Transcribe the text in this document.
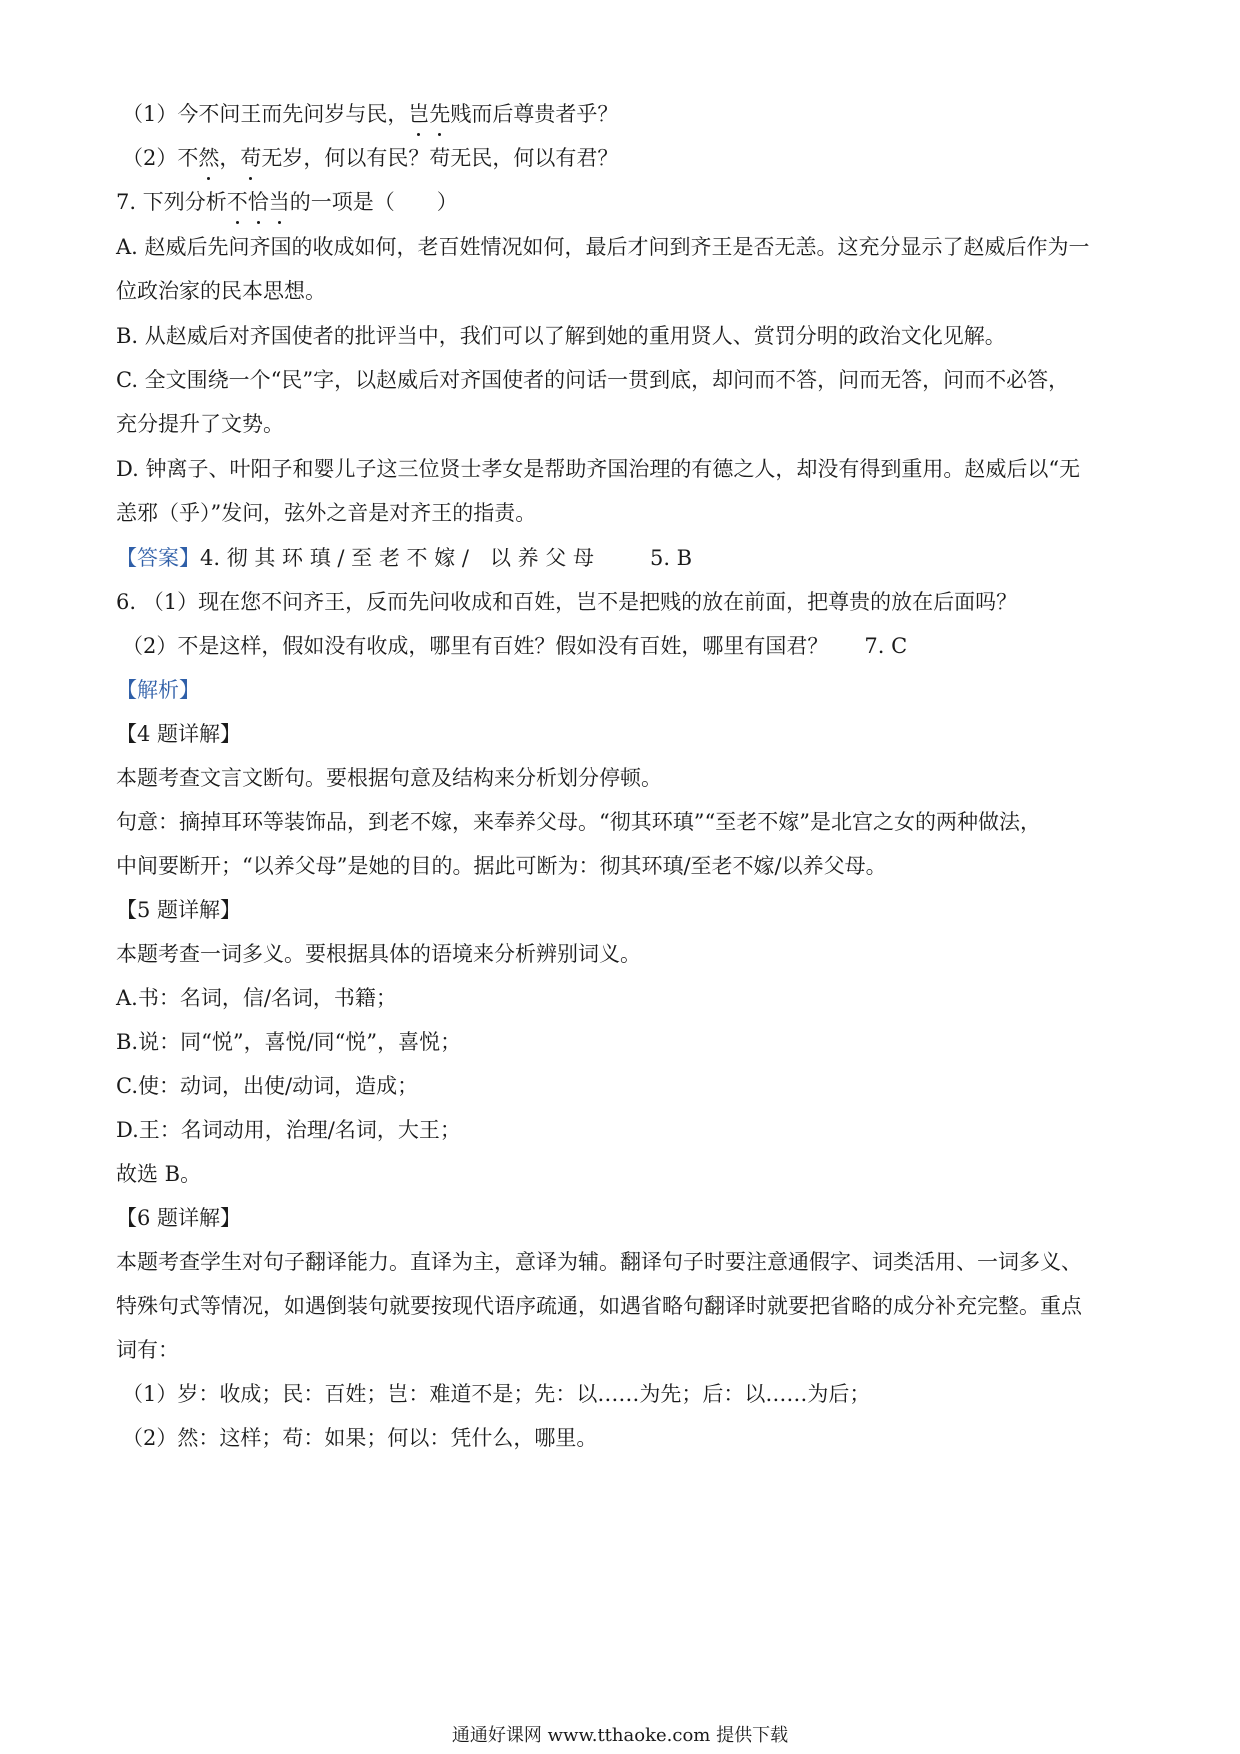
（1）今不问王而先问岁与民，岂先贱而后尊贵者乎？
（2）不然，苟无岁，何以有民？苟无民，何以有君？
7. 下列分析不恰当的一项是（　　）
A. 赵威后先问齐国的收成如何，老百姓情况如何，最后才问到齐王是否无恙。这充分显示了赵威后作为一
位政治家的民本思想。
B. 从赵威后对齐国使者的批评当中，我们可以了解到她的重用贤人、赏罚分明的政治文化见解。
C. 全文围绕一个“民”字，以赵威后对齐国使者的问话一贯到底，却问而不答，问而无答，问而不必答，
充分提升了文势。
D. 钟离子、叶阳子和婴儿子这三位贤士孝女是帮助齐国治理的有德之人，却没有得到重用。赵威后以“无
恙邪（乎）”发问，弦外之音是对齐王的指责。
【答案】4. 彻 其 环 瑱 / 至 老 不 嫁 /　以 养 父 母	5. B
6. （1）现在您不问齐王，反而先问收成和百姓，岂不是把贱的放在前面，把尊贵的放在后面吗？
（2）不是这样，假如没有收成，哪里有百姓？假如没有百姓，哪里有国君？ 7. C
【解析】
【4 题详解】
本题考查文言文断句。要根据句意及结构来分析划分停顿。
句意：摘掉耳环等装饰品，到老不嫁，来奉养父母。“彻其环瑱”“至老不嫁”是北宫之女的两种做法，
中间要断开；“以养父母”是她的目的。据此可断为：彻其环瑱/至老不嫁/以养父母。
【5 题详解】
本题考查一词多义。要根据具体的语境来分析辨别词义。
A.书：名词，信/名词，书籍；
B.说：同“悦”，喜悦/同“悦”，喜悦；
C.使：动词，出使/动词，造成；
D.王：名词动用，治理/名词，大王；
故选 B。
【6 题详解】
本题考查学生对句子翻译能力。直译为主，意译为辅。翻译句子时要注意通假字、词类活用、一词多义、
特殊句式等情况，如遇倒装句就要按现代语序疏通，如遇省略句翻译时就要把省略的成分补充完整。重点
词有：
（1）岁：收成；民：百姓；岂：难道不是；先：以……为先；后：以……为后；
（2）然：这样；苟：如果；何以：凭什么，哪里。
通通好课网 www.tthaoke.com 提供下载
